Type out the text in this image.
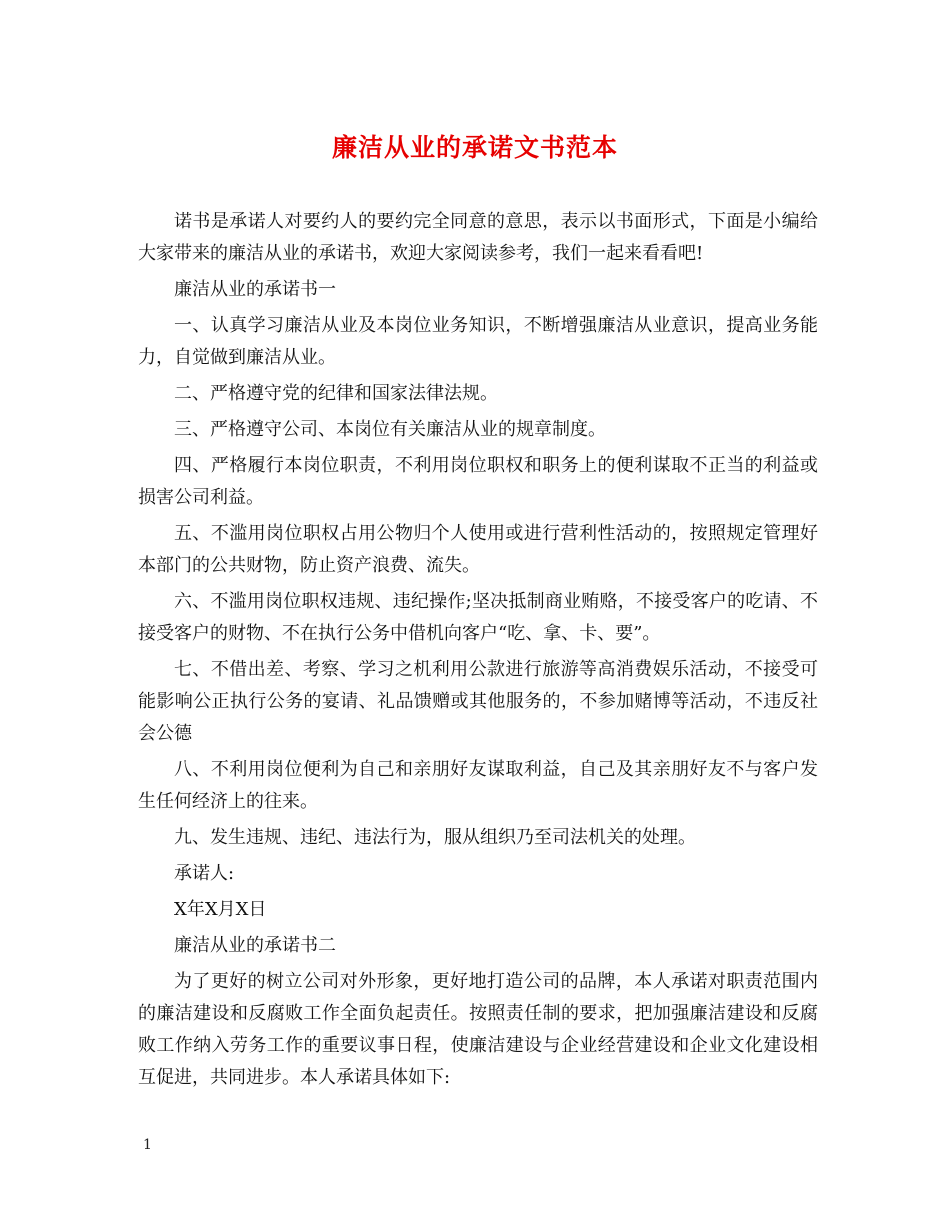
廉洁从业的承诺文书范本

诺书是承诺人对要约人的要约完全同意的意思，表示以书面形式，下面是小编给大家带来的廉洁从业的承诺书，欢迎大家阅读参考，我们一起来看看吧!

廉洁从业的承诺书一

一、认真学习廉洁从业及本岗位业务知识，不断增强廉洁从业意识，提高业务能力，自觉做到廉洁从业。

二、严格遵守党的纪律和国家法律法规。

三、严格遵守公司、本岗位有关廉洁从业的规章制度。

四、严格履行本岗位职责，不利用岗位职权和职务上的便利谋取不正当的利益或损害公司利益。

五、不滥用岗位职权占用公物归个人使用或进行营利性活动的，按照规定管理好本部门的公共财物，防止资产浪费、流失。

六、不滥用岗位职权违规、违纪操作;坚决抵制商业贿赂，不接受客户的吃请、不接受客户的财物、不在执行公务中借机向客户“吃、拿、卡、要”。

七、不借出差、考察、学习之机利用公款进行旅游等高消费娱乐活动，不接受可能影响公正执行公务的宴请、礼品馈赠或其他服务的，不参加赌博等活动，不违反社会公德

八、不利用岗位便利为自己和亲朋好友谋取利益，自己及其亲朋好友不与客户发生任何经济上的往来。

九、发生违规、违纪、违法行为，服从组织乃至司法机关的处理。

承诺人:

X年X月X日

廉洁从业的承诺书二

为了更好的树立公司对外形象，更好地打造公司的品牌，本人承诺对职责范围内的廉洁建设和反腐败工作全面负起责任。按照责任制的要求，把加强廉洁建设和反腐败工作纳入劳务工作的重要议事日程，使廉洁建设与企业经营建设和企业文化建设相互促进，共同进步。本人承诺具体如下:

1
